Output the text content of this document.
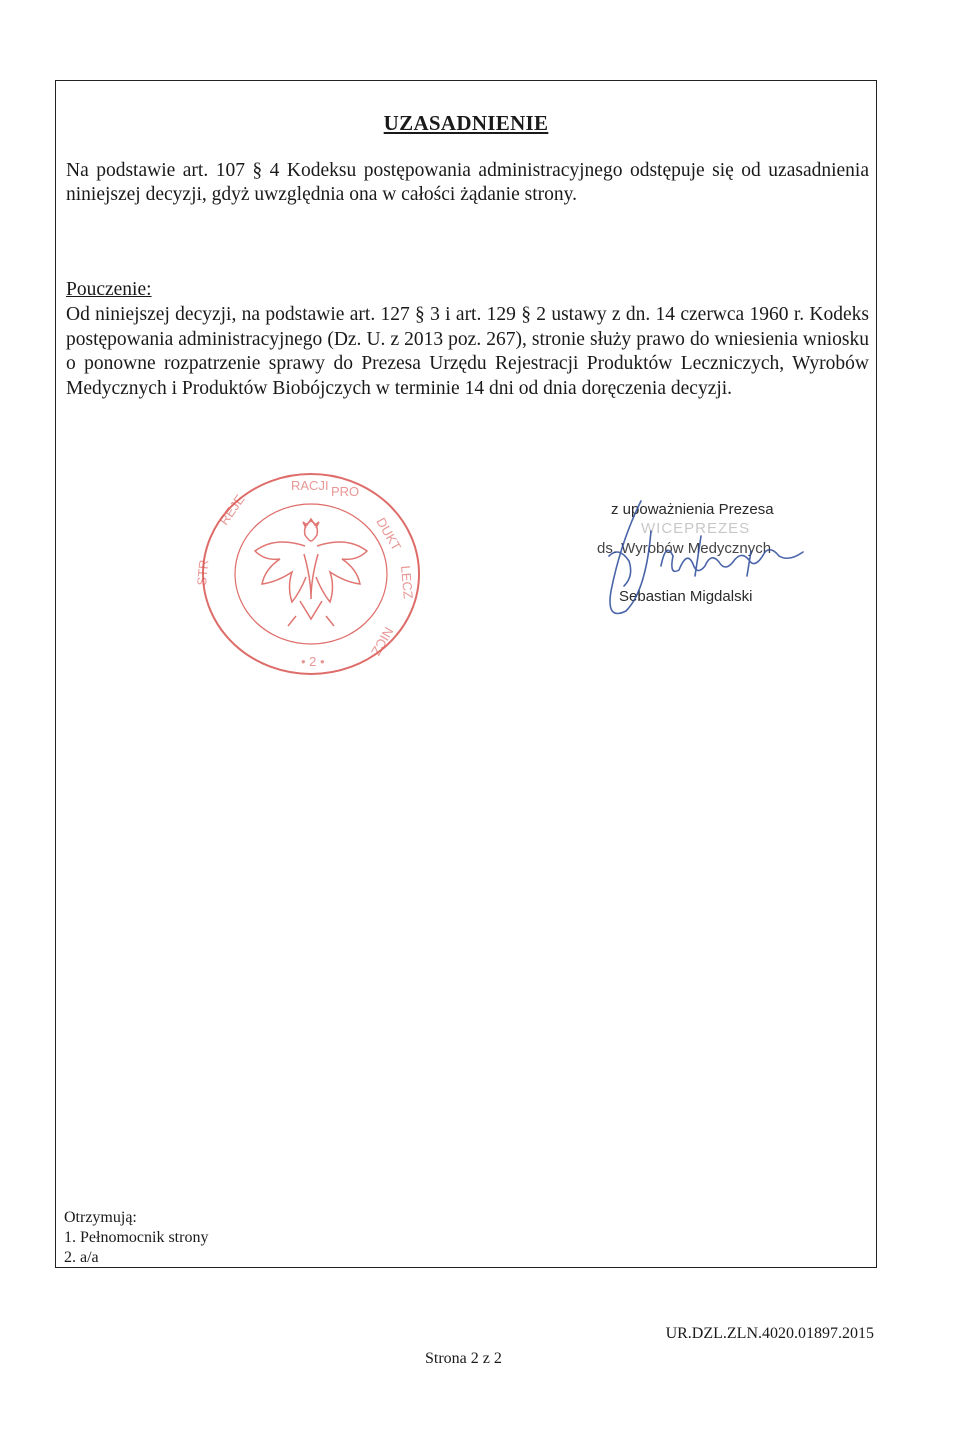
UZASADNIENIE
Na podstawie art. 107 § 4 Kodeksu postępowania administracyjnego odstępuje się od uzasadnienia niniejszej decyzji, gdyż uwzględnia ona w całości żądanie strony.
Pouczenie:
Od niniejszej decyzji, na podstawie art. 127 § 3 i art. 129 § 2 ustawy z dn. 14 czerwca 1960 r. Kodeks postępowania administracyjnego (Dz. U. z 2013 poz. 267), stronie służy prawo do wniesienia wniosku o ponowne rozpatrzenie sprawy do Prezesa Urzędu Rejestracji Produktów Leczniczych, Wyrobów Medycznych i Produktów Biobójczych w terminie 14 dni od dnia doręczenia decyzji.
RACJI PRO
DUKT
LECZ
NICZ
REJE
STR
• 2 •
z upoważnienia Prezesa
WICEPREZES
ds. Wyrobów Medycznych
Sebastian Migdalski
Otrzymują:
1. Pełnomocnik strony
2. a/a
UR.DZL.ZLN.4020.01897.2015
Strona 2 z 2
